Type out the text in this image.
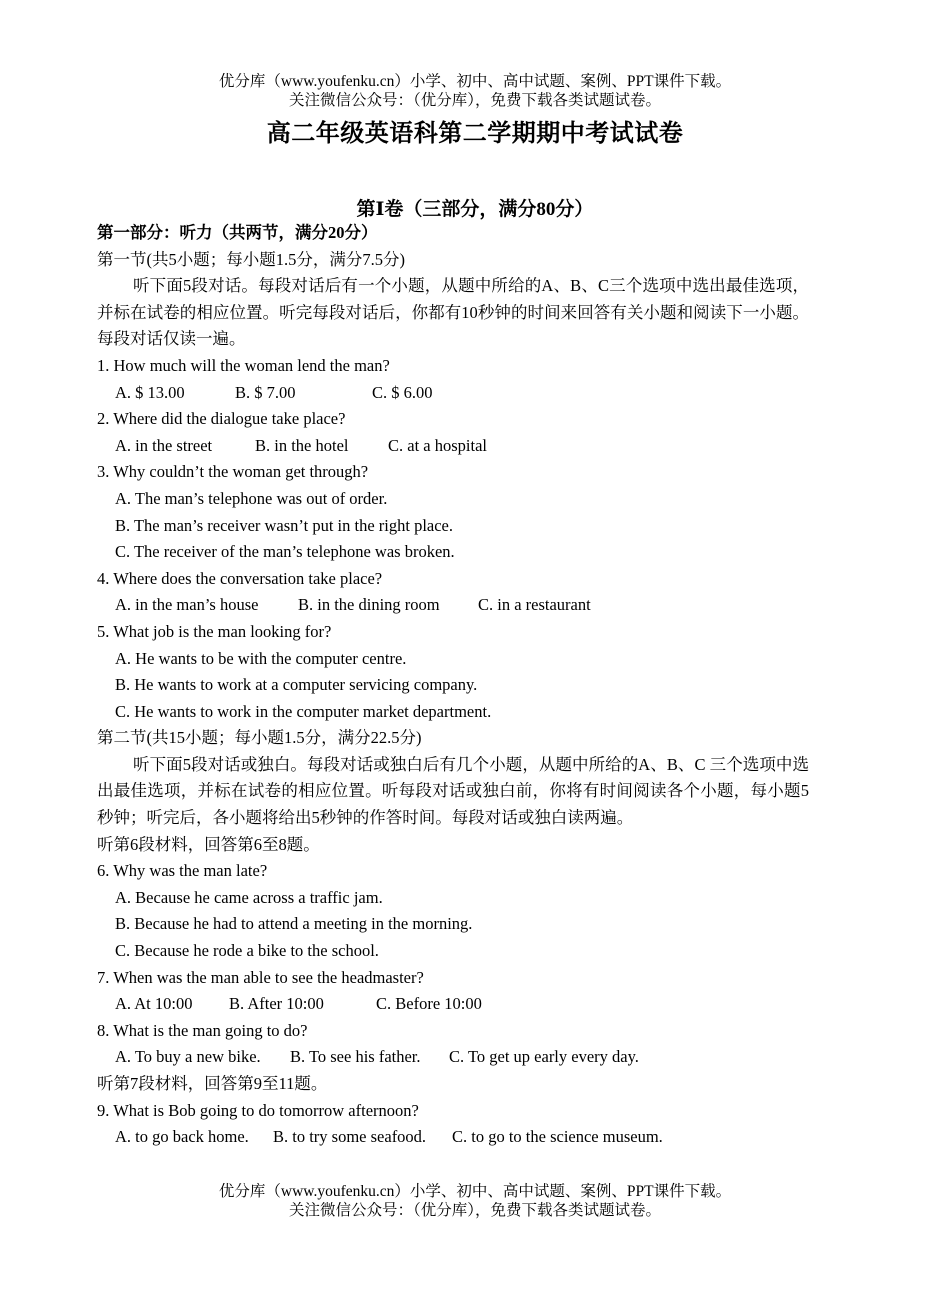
优分库（www.youfenku.cn）小学、初中、高中试题、案例、PPT课件下载。
关注微信公众号：（优分库），免费下载各类试题试卷。
高二年级英语科第二学期期中考试试卷
第Ⅰ卷（三部分，满分80分）
第一部分：听力（共两节，满分20分）
第一节(共5小题；每小题1.5分，满分7.5分)
听下面5段对话。每段对话后有一个小题，从题中所给的A、B、C三个选项中选出最佳选项，并标在试卷的相应位置。听完每段对话后，你都有10秒钟的时间来回答有关小题和阅读下一小题。每段对话仅读一遍。
1. How much will the woman lend the man?
A. $ 13.00	B. $ 7.00	C. $ 6.00
2. Where did the dialogue take place?
A. in the street	B. in the hotel C. at a hospital
3. Why couldn’t the woman get through?
A. The man’s telephone was out of order.
B. The man’s receiver wasn’t put in the right place.
C. The receiver of the man’s telephone was broken.
4. Where does the conversation take place?
A. in the man’s house B. in the dining room C. in a restaurant
5. What job is the man looking for?
A. He wants to be with the computer centre.
B. He wants to work at a computer servicing company.
C. He wants to work in the computer market department.
第二节(共15小题；每小题1.5分，满分22.5分)
听下面5段对话或独白。每段对话或独白后有几个小题，从题中所给的A、B、C 三个选项中选出最佳选项，并标在试卷的相应位置。听每段对话或独白前，你将有时间阅读各个小题，每小题5秒钟；听完后，各小题将给出5秒钟的作答时间。每段对话或独白读两遍。
听第6段材料，回答第6至8题。
6. Why was the man late?
A. Because he came across a traffic jam.
B. Because he had to attend a meeting in the morning.
C. Because he rode a bike to the school.
7. When was the man able to see the headmaster?
A. At 10:00 B. After 10:00	C. Before 10:00
8. What is the man going to do?
A. To buy a new bike. B. To see his father. C. To get up early every day.
听第7段材料，回答第9至11题。
9. What is Bob going to do tomorrow afternoon?
A. to go back home. B. to try some seafood. C. to go to the science museum.
优分库（www.youfenku.cn）小学、初中、高中试题、案例、PPT课件下载。
关注微信公众号：（优分库），免费下载各类试题试卷。
